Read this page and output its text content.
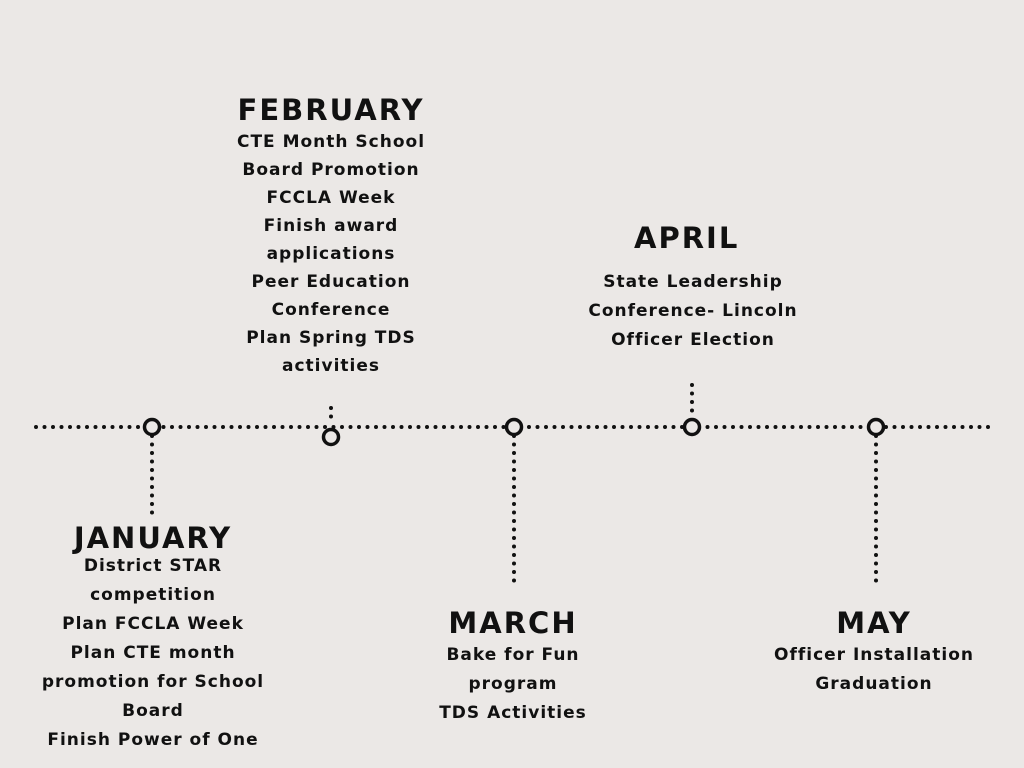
JANUARY
District STAR
competition
Plan FCCLA Week
Plan CTE month
promotion for School
Board
Finish Power of One
FEBRUARY
CTE Month School
Board Promotion
FCCLA Week
Finish award
applications
Peer Education
Conference
Plan Spring TDS
activities
MARCH
Bake for Fun
program
TDS Activities
APRIL
State Leadership
Conference- Lincoln
Officer Election
MAY
Officer Installation
Graduation
